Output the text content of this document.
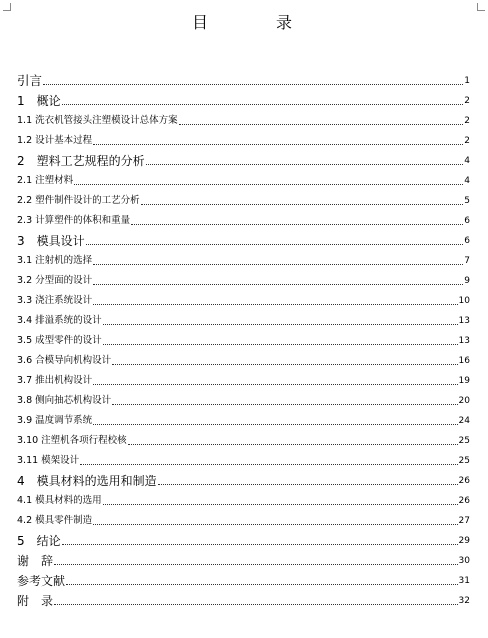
目　录
引言	1
1　概论	2
1.1 洗衣机管接头注塑模设计总体方案	2
1.2 设计基本过程	2
2　塑料工艺规程的分析	4
2.1 注塑材料	4
2.2 塑件制件设计的工艺分析	5
2.3 计算塑件的体积和重量	6
3　模具设计	6
3.1 注射机的选择	7
3.2 分型面的设计	9
3.3 浇注系统设计	10
3.4 排溢系统的设计	13
3.5 成型零件的设计	13
3.6 合模导向机构设计	16
3.7 推出机构设计	19
3.8 侧向抽芯机构设计	20
3.9 温度调节系统	24
3.10 注塑机各项行程校核	25
3.11 模架设计	25
4　模具材料的选用和制造	26
4.1 模具材料的选用	26
4.2 模具零件制造	27
5　结论	29
谢　辞	30
参考文献	31
附　录	32
